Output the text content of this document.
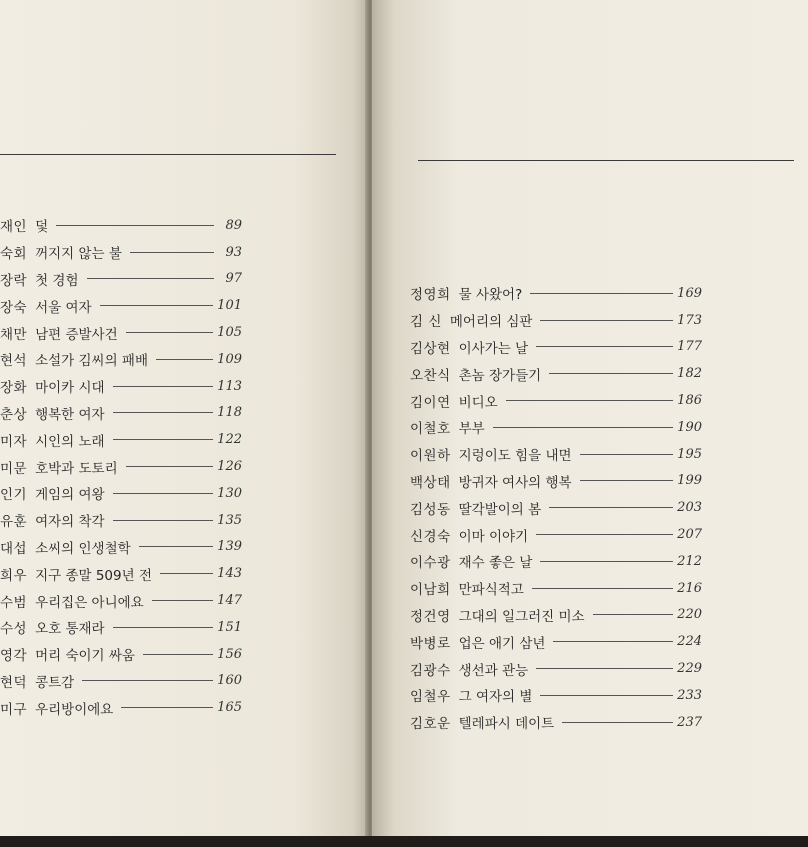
ᅟᅟᅟᅟ
재인 덫	89
숙회 꺼지지 않는 불	93
장락 첫 경험	97
장숙 서울 여자	101
채만 남편 증발사건	105
현석 소설가 김씨의 패배	109
장화 마이카 시대	113
춘상 행복한 여자	118
미자 시인의 노래	122
미문 호박과 도토리	126
인기 게임의 여왕	130
유훈 여자의 착각	135
대섭 소씨의 인생철학	139
희우 지구 종말 509년 전	143
수범 우리집은 아니에요	147
수성 오호 통재라	151
영각 머리 숙이기 싸움	156
현덕 콩트감	160
미구 우리방이에요	165
정영희 물 사왔어?	169
김 신 메어리의 심판	173
김상현 이사가는 날	177
오찬식 촌놈 장가들기	182
김이연 비디오	186
이철호 부부	190
이원하 지렁이도 힘을 내면	195
백상태 방귀자 여사의 행복	199
김성동 딸각발이의 봄	203
신경숙 이마 이야기	207
이수광 재수 좋은 날	212
이남희 만파식적고	216
정건영 그대의 일그러진 미소	220
박병로 업은 애기 삼년	224
김광수 생선과 관능	229
임철우 그 여자의 별	233
김호운 텔레파시 데이트	237
